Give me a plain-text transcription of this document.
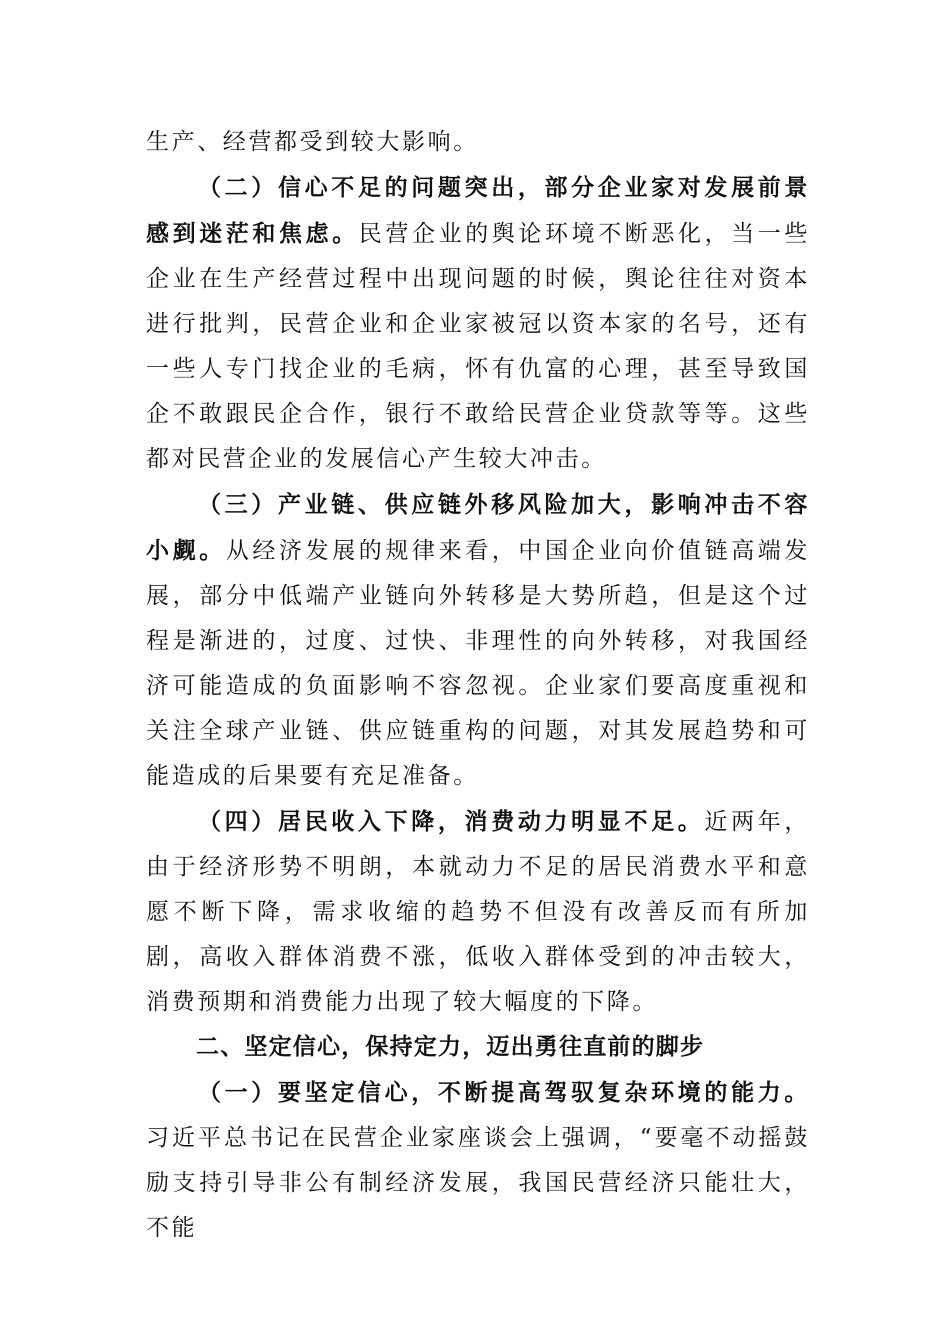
生产、经营都受到较大影响。

（二）信心不足的问题突出，部分企业家对发展前景感到迷茫和焦虑。民营企业的舆论环境不断恶化，当一些企业在生产经营过程中出现问题的时候，舆论往往对资本进行批判，民营企业和企业家被冠以资本家的名号，还有一些人专门找企业的毛病，怀有仇富的心理，甚至导致国企不敢跟民企合作，银行不敢给民营企业贷款等等。这些都对民营企业的发展信心产生较大冲击。

（三）产业链、供应链外移风险加大，影响冲击不容小觑。从经济发展的规律来看，中国企业向价值链高端发展，部分中低端产业链向外转移是大势所趋，但是这个过程是渐进的，过度、过快、非理性的向外转移，对我国经济可能造成的负面影响不容忽视。企业家们要高度重视和关注全球产业链、供应链重构的问题，对其发展趋势和可能造成的后果要有充足准备。

（四）居民收入下降，消费动力明显不足。近两年，由于经济形势不明朗，本就动力不足的居民消费水平和意愿不断下降，需求收缩的趋势不但没有改善反而有所加剧，高收入群体消费不涨，低收入群体受到的冲击较大，消费预期和消费能力出现了较大幅度的下降。

二、坚定信心，保持定力，迈出勇往直前的脚步

（一）要坚定信心，不断提高驾驭复杂环境的能力。习近平总书记在民营企业家座谈会上强调，“要毫不动摇鼓励支持引导非公有制经济发展，我国民营经济只能壮大，不能
